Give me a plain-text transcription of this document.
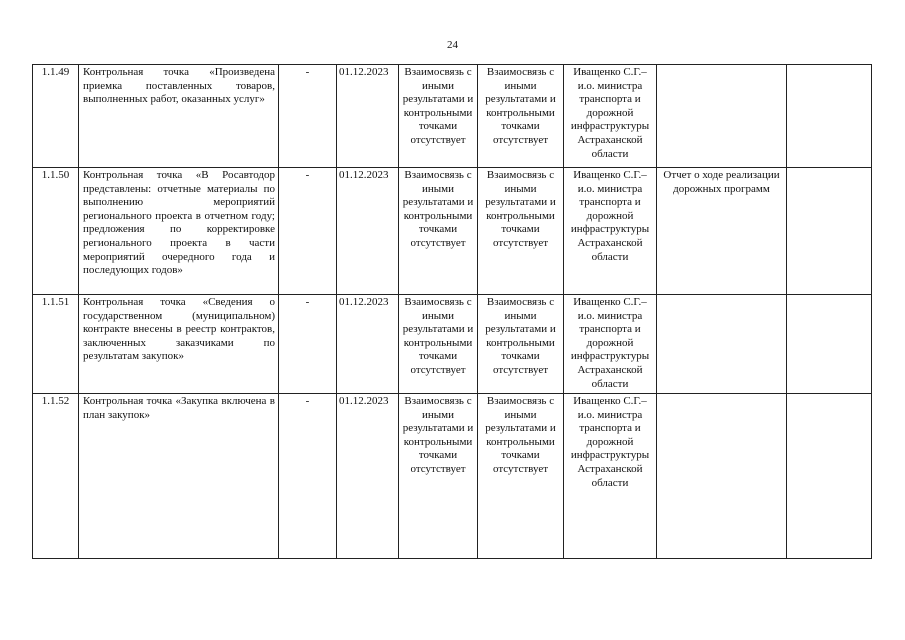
24
1.1.49	Контрольная точка «Произведена приемка поставленных товаров, выполненных работ, оказанных услуг»	-	01.12.2023	Взаимосвязь с иными результатами и контрольными точками отсутствует	Взаимосвязь с иными результатами и контрольными точками отсутствует	Иващенко С.Г.– и.о. министра транспорта и дорожной инфраструктуры Астраханской области		
1.1.50	Контрольная точка «В Росавтодор представлены: отчетные материалы по выполнению мероприятий регионального проекта в отчетном году; предложения по корректировке регионального проекта в части мероприятий очередного года и последующих годов»	-	01.12.2023	Взаимосвязь с иными результатами и контрольными точками отсутствует	Взаимосвязь с иными результатами и контрольными точками отсутствует	Иващенко С.Г.– и.о. министра транспорта и дорожной инфраструктуры Астраханской области	Отчет о ходе реализации дорожных программ	
1.1.51	Контрольная точка «Сведения о государственном (муниципальном) контракте внесены в реестр контрактов, заключенных заказчиками по результатам закупок»	-	01.12.2023	Взаимосвязь с иными результатами и контрольными точками отсутствует	Взаимосвязь с иными результатами и контрольными точками отсутствует	Иващенко С.Г.– и.о. министра транспорта и дорожной инфраструктуры Астраханской области		
1.1.52	Контрольная точка «Закупка включена в план закупок»	-	01.12.2023	Взаимосвязь с иными результатами и контрольными точками отсутствует	Взаимосвязь с иными результатами и контрольными точками отсутствует	Иващенко С.Г.– и.о. министра транспорта и дорожной инфраструктуры Астраханской области		
